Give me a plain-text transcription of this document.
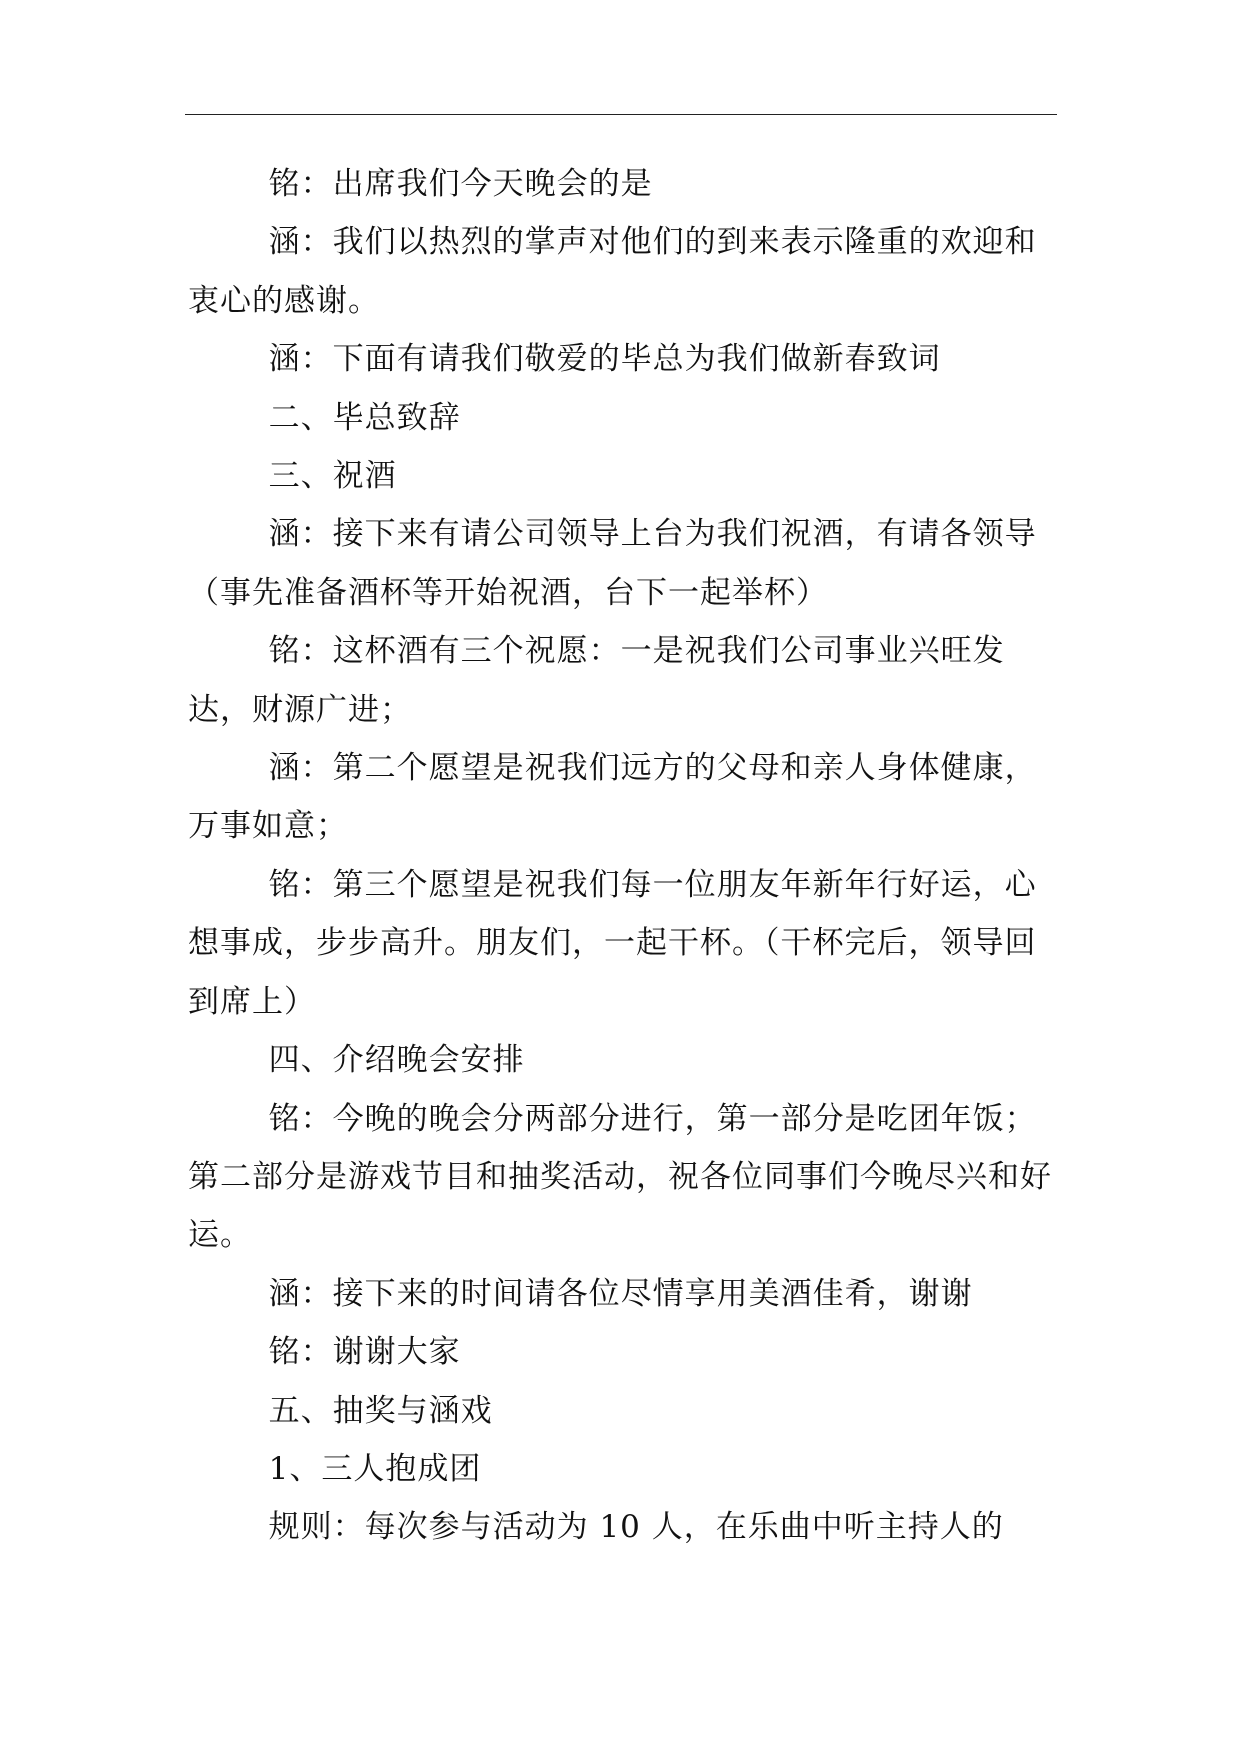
铭：出席我们今天晚会的是

涵：我们以热烈的掌声对他们的到来表示隆重的欢迎和衷心的感谢。

涵：下面有请我们敬爱的毕总为我们做新春致词

二、毕总致辞

三、祝酒

涵：接下来有请公司领导上台为我们祝酒，有请各领导（事先准备酒杯等开始祝酒，台下一起举杯）

铭：这杯酒有三个祝愿：一是祝我们公司事业兴旺发达，财源广进；

涵：第二个愿望是祝我们远方的父母和亲人身体健康，万事如意；

铭：第三个愿望是祝我们每一位朋友年新年行好运，心想事成，步步高升。朋友们，一起干杯。（干杯完后，领导回到席上）

四、介绍晚会安排

铭：今晚的晚会分两部分进行，第一部分是吃团年饭；第二部分是游戏节目和抽奖活动，祝各位同事们今晚尽兴和好运。

涵：接下来的时间请各位尽情享用美酒佳肴，谢谢

铭：谢谢大家

五、抽奖与涵戏

1、三人抱成团

规则：每次参与活动为 10 人，在乐曲中听主持人的
